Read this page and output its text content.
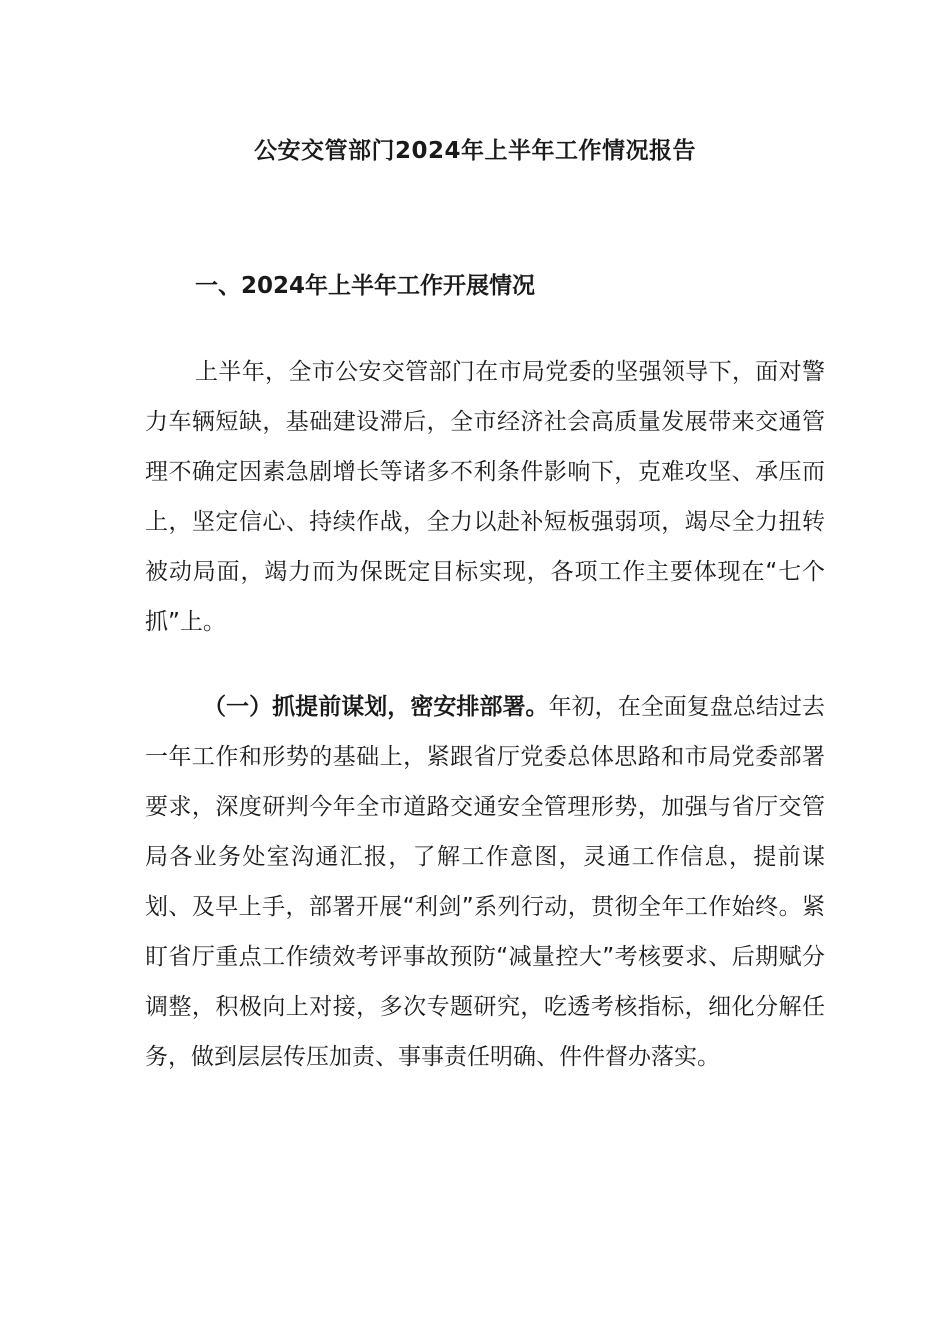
公安交管部门2024年上半年工作情况报告
一、2024年上半年工作开展情况

上半年，全市公安交管部门在市局党委的坚强领导下，面对警力车辆短缺，基础建设滞后，全市经济社会高质量发展带来交通管理不确定因素急剧增长等诸多不利条件影响下，克难攻坚、承压而上，坚定信心、持续作战，全力以赴补短板强弱项，竭尽全力扭转被动局面，竭力而为保既定目标实现，各项工作主要体现在“七个抓”上。

（一）抓提前谋划，密安排部署。年初，在全面复盘总结过去一年工作和形势的基础上，紧跟省厅党委总体思路和市局党委部署要求，深度研判今年全市道路交通安全管理形势，加强与省厅交管局各业务处室沟通汇报，了解工作意图，灵通工作信息，提前谋划、及早上手，部署开展“利剑”系列行动，贯彻全年工作始终。紧盯省厅重点工作绩效考评事故预防“减量控大”考核要求、后期赋分调整，积极向上对接，多次专题研究，吃透考核指标，细化分解任务，做到层层传压加责、事事责任明确、件件督办落实。
